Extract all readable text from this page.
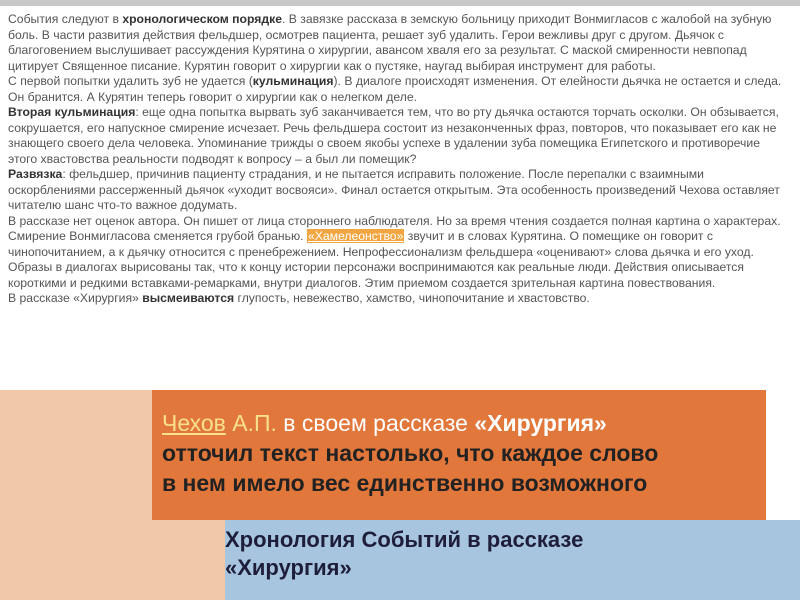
События следуют в хронологическом порядке. В завязке рассказа в земскую больницу приходит Вонмигласов с жалобой на зубную боль. В части развития действия фельдшер, осмотрев пациента, решает зуб удалить. Герои вежливы друг с другом. Дьячок с благоговением выслушивает рассуждения Курятина о хирургии, авансом хваля его за результат. С маской смиренности невпопад цитирует Священное писание. Курятин говорит о хирургии как о пустяке, наугад выбирая инструмент для работы.
С первой попытки удалить зуб не удается (кульминация). В диалоге происходят изменения. От елейности дьячка не остается и следа. Он бранится. А Курятин теперь говорит о хирургии как о нелегком деле.
Вторая кульминация: еще одна попытка вырвать зуб заканчивается тем, что во рту дьячка остаются торчать осколки. Он обзывается, сокрушается, его напускное смирение исчезает. Речь фельдшера состоит из незаконченных фраз, повторов, что показывает его как не знающего своего дела человека. Упоминание трижды о своем якобы успехе в удалении зуба помещика Египетского и противоречие этого хвастовства реальности подводят к вопросу – а был ли помещик?
Развязка: фельдшер, причинив пациенту страдания, и не пытается исправить положение. После перепалки с взаимными оскорблениями рассерженный дьячок «уходит восвояси». Финал остается открытым. Эта особенность произведений Чехова оставляет читателю шанс что-то важное додумать.
В рассказе нет оценок автора. Он пишет от лица стороннего наблюдателя. Но за время чтения создается полная картина о характерах. Смирение Вонмигласова сменяется грубой бранью. «Хамелеонство» звучит и в словах Курятина. О помещике он говорит с чинопочитанием, а к дьячку относится с пренебрежением. Непрофессионализм фельдшера «оценивают» слова дьячка и его уход.
Образы в диалогах вырисованы так, что к концу истории персонажи воспринимаются как реальные люди. Действия описывается короткими и редкими вставками-ремарками, внутри диалогов. Этим приемом создается зрительная картина повествования.
В рассказе «Хирургия» высмеиваются глупость, невежество, хамство, чинопочитание и хвастовство.
Чехов А.П. в своем рассказе «Хирургия»
отточил текст настолько, что каждое слово
в нем имело вес единственно возможного
Хронология Событий в рассказе
«Хирургия»
